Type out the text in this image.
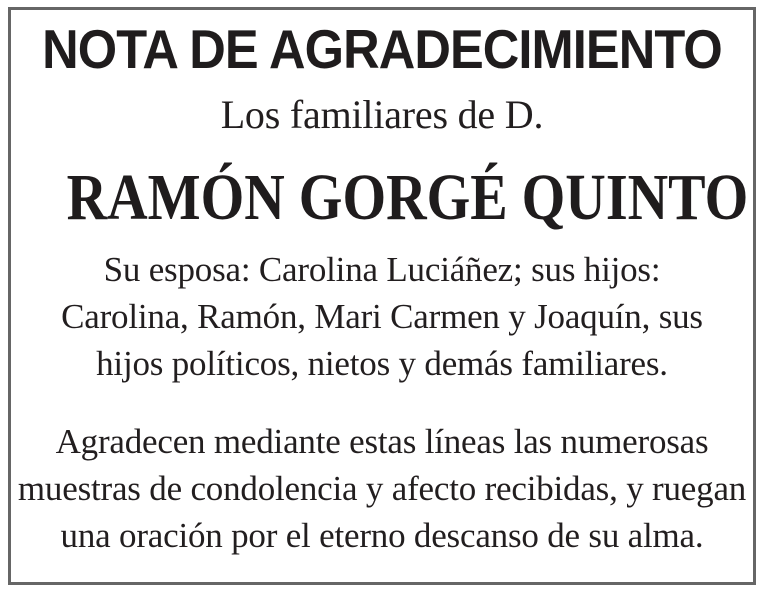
NOTA DE AGRADECIMIENTO

Los familiares de D.

RAMÓN GORGÉ QUINTO
Su esposa: Carolina Luciáñez; sus hijos:
Carolina, Ramón, Mari Carmen y Joaquín, sus
hijos políticos, nietos y demás familiares.
Agradecen mediante estas líneas las numerosas
muestras de condolencia y afecto recibidas, y ruegan
una oración por el eterno descanso de su alma.
